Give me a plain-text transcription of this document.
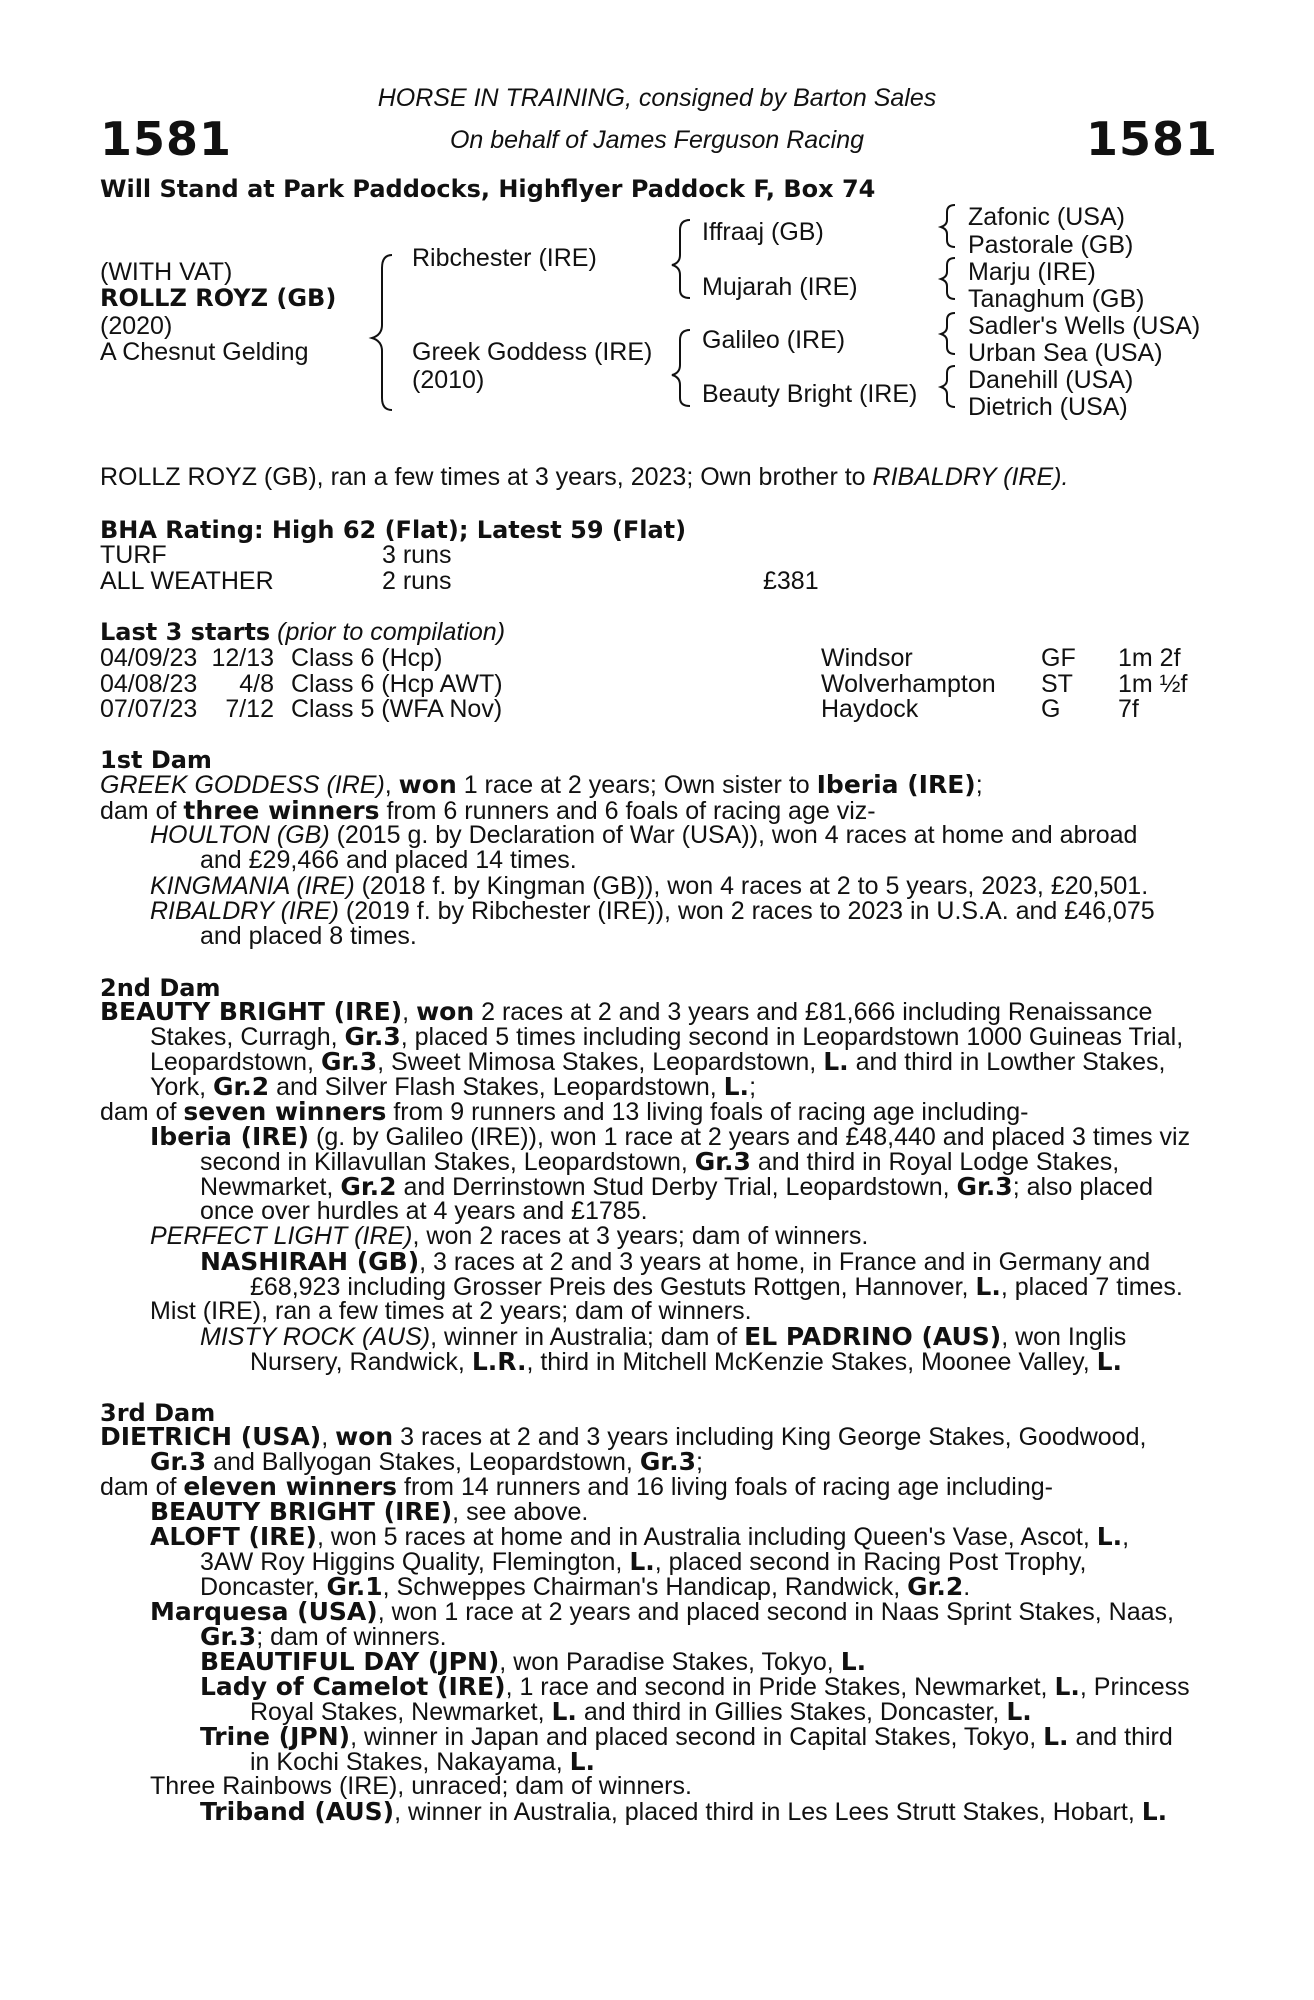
1581	1581
HORSE IN TRAINING, consigned by Barton Sales
On behalf of James Ferguson Racing
Will Stand at Park Paddocks, Highflyer Paddock F, Box 74
(WITH VAT)
ROLLZ ROYZ (GB)
(2020)
A Chesnut Gelding
Ribchester (IRE)
Greek Goddess (IRE)
(2010)
Iffraaj (GB)
Mujarah (IRE)
Galileo (IRE)
Beauty Bright (IRE)
Zafonic (USA)
Pastorale (GB)
Marju (IRE)
Tanaghum (GB)
Sadler's Wells (USA)
Urban Sea (USA)
Danehill (USA)
Dietrich (USA)
ROLLZ ROYZ (GB), ran a few times at 3 years, 2023; Own brother to RIBALDRY (IRE).
BHA Rating: High 62 (Flat); Latest 59 (Flat)
TURF	3 runs
ALL WEATHER	2 runs	£381
Last 3 starts (prior to compilation)
04/09/23 12/13 Class 6 (Hcp)	Windsor	GF 1m 2f
04/08/23	4/8 Class 6 (Hcp AWT)	Wolverhampton ST 1m ½f
07/07/23	7/12 Class 5 (WFA Nov)	Haydock	G 7f
1st Dam
GREEK GODDESS (IRE), won 1 race at 2 years; Own sister to Iberia (IRE);
dam of three winners from 6 runners and 6 foals of racing age viz-
HOULTON (GB) (2015 g. by Declaration of War (USA)), won 4 races at home and abroad
and £29,466 and placed 14 times.
KINGMANIA (IRE) (2018 f. by Kingman (GB)), won 4 races at 2 to 5 years, 2023, £20,501.
RIBALDRY (IRE) (2019 f. by Ribchester (IRE)), won 2 races to 2023 in U.S.A. and £46,075
and placed 8 times.
2nd Dam
BEAUTY BRIGHT (IRE), won 2 races at 2 and 3 years and £81,666 including Renaissance
Stakes, Curragh, Gr.3, placed 5 times including second in Leopardstown 1000 Guineas Trial,
Leopardstown, Gr.3, Sweet Mimosa Stakes, Leopardstown, L. and third in Lowther Stakes,
York, Gr.2 and Silver Flash Stakes, Leopardstown, L.;
dam of seven winners from 9 runners and 13 living foals of racing age including-
Iberia (IRE) (g. by Galileo (IRE)), won 1 race at 2 years and £48,440 and placed 3 times viz
second in Killavullan Stakes, Leopardstown, Gr.3 and third in Royal Lodge Stakes,
Newmarket, Gr.2 and Derrinstown Stud Derby Trial, Leopardstown, Gr.3; also placed
once over hurdles at 4 years and £1785.
PERFECT LIGHT (IRE), won 2 races at 3 years; dam of winners.
NASHIRAH (GB), 3 races at 2 and 3 years at home, in France and in Germany and
£68,923 including Grosser Preis des Gestuts Rottgen, Hannover, L., placed 7 times.
Mist (IRE), ran a few times at 2 years; dam of winners.
MISTY ROCK (AUS), winner in Australia; dam of EL PADRINO (AUS), won Inglis
Nursery, Randwick, L.R., third in Mitchell McKenzie Stakes, Moonee Valley, L.
3rd Dam
DIETRICH (USA), won 3 races at 2 and 3 years including King George Stakes, Goodwood,
Gr.3 and Ballyogan Stakes, Leopardstown, Gr.3;
dam of eleven winners from 14 runners and 16 living foals of racing age including-
BEAUTY BRIGHT (IRE), see above.
ALOFT (IRE), won 5 races at home and in Australia including Queen's Vase, Ascot, L.,
3AW Roy Higgins Quality, Flemington, L., placed second in Racing Post Trophy,
Doncaster, Gr.1, Schweppes Chairman's Handicap, Randwick, Gr.2.
Marquesa (USA), won 1 race at 2 years and placed second in Naas Sprint Stakes, Naas,
Gr.3; dam of winners.
BEAUTIFUL DAY (JPN), won Paradise Stakes, Tokyo, L.
Lady of Camelot (IRE), 1 race and second in Pride Stakes, Newmarket, L., Princess
Royal Stakes, Newmarket, L. and third in Gillies Stakes, Doncaster, L.
Trine (JPN), winner in Japan and placed second in Capital Stakes, Tokyo, L. and third
in Kochi Stakes, Nakayama, L.
Three Rainbows (IRE), unraced; dam of winners.
Triband (AUS), winner in Australia, placed third in Les Lees Strutt Stakes, Hobart, L.
